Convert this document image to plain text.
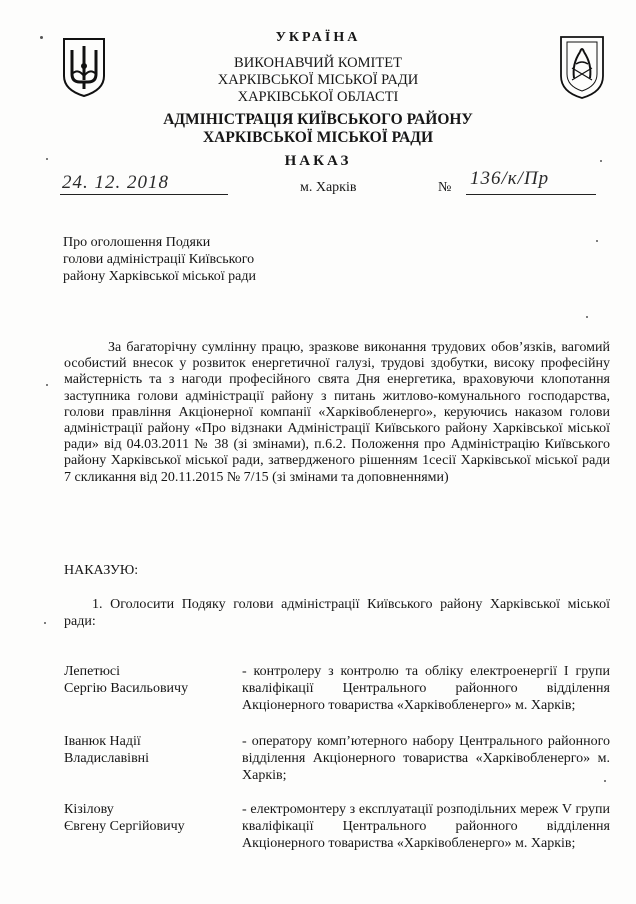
УКРАЇНА
ВИКОНАВЧИЙ КОМІТЕТ
ХАРКІВСЬКОЇ МІСЬКОЇ РАДИ
ХАРКІВСЬКОЇ ОБЛАСТІ
АДМІНІСТРАЦІЯ КИЇВСЬКОГО РАЙОНУ
ХАРКІВСЬКОЇ МІСЬКОЇ РАДИ
НАКАЗ
24. 12. 2018	м. Харків	№ 136/к/Пр
Про оголошення Подяки
голови адміністрації Київського
району Харківської міської ради
За багаторічну сумлінну працю, зразкове виконання трудових обов’язків, вагомий особистий внесок у розвиток енергетичної галузі, трудові здобутки, високу професійну майстерність та з нагоди професійного свята Дня енергетика, враховуючи клопотання заступника голови адміністрації району з питань житлово-комунального господарства, голови правління Акціонерної компанії «Харківобленерго», керуючись наказом голови адміністрації району «Про відзнаки Адміністрації Київського району Харківської міської ради» від 04.03.2011 № 38 (зі змінами), п.6.2. Положення про Адміністрацію Київського району Харківської міської ради, затвердженого рішенням 1сесії Харківської міської ради 7 скликання від 20.11.2015 № 7/15 (зі змінами та доповненнями)
НАКАЗУЮ:
1. Оголосити Подяку голови адміністрації Київського району Харківської міської ради:
Лепетюсі
Сергію Васильовичу
- контролеру з контролю та обліку електроенергії І групи кваліфікації Центрального районного відділення Акціонерного товариства «Харківобленерго» м. Харків;
Іванюк Надії
Владиславівні
- оператору комп’ютерного набору Центрального районного відділення Акціонерного товариства «Харківобленерго» м. Харків;
Кізілову
Євгену Сергійовичу
- електромонтеру з експлуатації розподільних мереж V групи кваліфікації Центрального районного відділення Акціонерного товариства «Харківобленерго» м. Харків;
